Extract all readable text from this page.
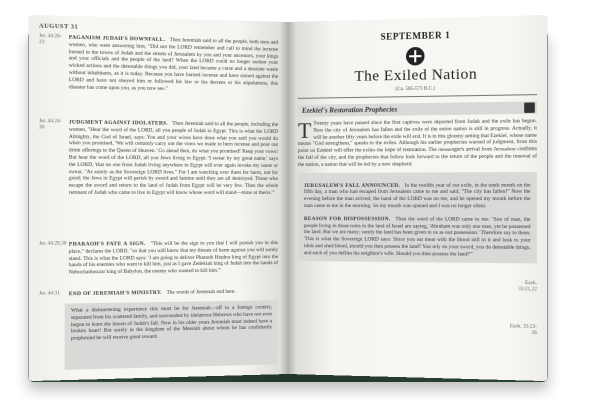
AUGUST 31
Jer. 44:20-23	PAGANISM JUDAH'S DOWNFALL. Then Jeremiah said to all the people, both men and women, who were answering him, "Did not the LORD remember and call to mind the incense burned in the towns of Judah and the streets of Jerusalem by you and your ancestors, your kings and your officials and the people of the land? When the LORD could no longer endure your wicked actions and the detestable things you did, your land became a curse and a desolate waste without inhabitants, as it is today. Because you have burned incense and have sinned against the LORD and have not obeyed him or followed his law or his decrees or his stipulations, this disaster has come upon you, as you now see."
Jer. 44:24-30
JUDGMENT AGAINST IDOLATERS. Then Jeremiah said to all the people, including the women, "Hear the word of the LORD, all you people of Judah in Egypt. This is what the LORD Almighty, the God of Israel, says: You and your wives have done what you said you would do when you promised, 'We will certainly carry out the vows we made to burn incense and pour out drink offerings to the Queen of Heaven.' Go ahead then, do what you promised! Keep your vows! But hear the word of the LORD, all you Jews living in Egypt: 'I swear by my great name,' says the LORD, 'that no one from Judah living anywhere in Egypt will ever again invoke my name or swear, "As surely as the Sovereign LORD lives." For I am watching over them for harm, not for good; the Jews in Egypt will perish by sword and famine until they are all destroyed. Those who escape the sword and return to the land of Judah from Egypt will be very few. Then the whole remnant of Judah who came to live in Egypt will know whose word will stand—mine or theirs.'"
Jer. 44:29,30 PHARAOH'S FATE A SIGN. "This will be the sign to you that I will punish you in this place," declares the LORD, "so that you will know that my threats of harm against you will surely stand. This is what the LORD says: 'I am going to deliver Pharaoh Hophra king of Egypt into the hands of his enemies who want to kill him, just as I gave Zedekiah king of Judah into the hands of Nebuchadnezzar king of Babylon, the enemy who wanted to kill him.'"
Jer. 44:31	END OF JEREMIAH'S MINISTRY. The words of Jeremiah end here.
What a disheartening experience this must be for Jeremiah—off in a foreign country, separated from his scattered family, and surrounded by idolatrous Hebrews who have not even begun to learn the lesson of Judah's fall. Now in his older years Jeremiah must indeed have a broken heart! But surely in the kingdom of the Messiah about whom he has confidently prophesied he will receive great reward.
SEPTEMBER 1
The Exiled Nation
(Ca. 585-573 B.C.)
Ezekiel's Restoration Prophecies
T Twenty years have passed since the first captives were deported from Judah and the exile has begun. Now the city of Jerusalem has fallen and the exile of the entire nation is still in progress. Actually, it will be another fifty years before the exile will end. It is in this gloomy setting that Ezekiel, whose name means "God strengthens," speaks to the exiles. Although his earlier prophecies warned of judgment, from this point on Ezekiel will offer the exiles the hope of restoration. The messenger's arrival from Jerusalem confirms the fall of the city, and the prophecies that follow look forward to the return of the people and the renewal of the nation, a nation that will be led by a new shepherd.
JERUSALEM'S FALL ANNOUNCED. In the twelfth year of our exile, in the tenth month on the fifth day, a man who had escaped from Jerusalem came to me and said, "The city has fallen!" Now the evening before the man arrived, the hand of the LORD was on me, and he opened my mouth before the man came to me in the morning. So my mouth was opened and I was no longer silent.
REASON FOR DISPOSSESSION. Then the word of the LORD came to me: "Son of man, the people living in those ruins in the land of Israel are saying, 'Abraham was only one man, yet he possessed the land. But we are many; surely the land has been given to us as our possession.' Therefore say to them, 'This is what the Sovereign LORD says: Since you eat meat with the blood still in it and look to your idols and shed blood, should you then possess the land? You rely on your sword, you do detestable things, and each of you defiles his neighbor's wife. Should you then possess the land?'"
Ezek. 33:21,22
Ezek. 33:23-26
